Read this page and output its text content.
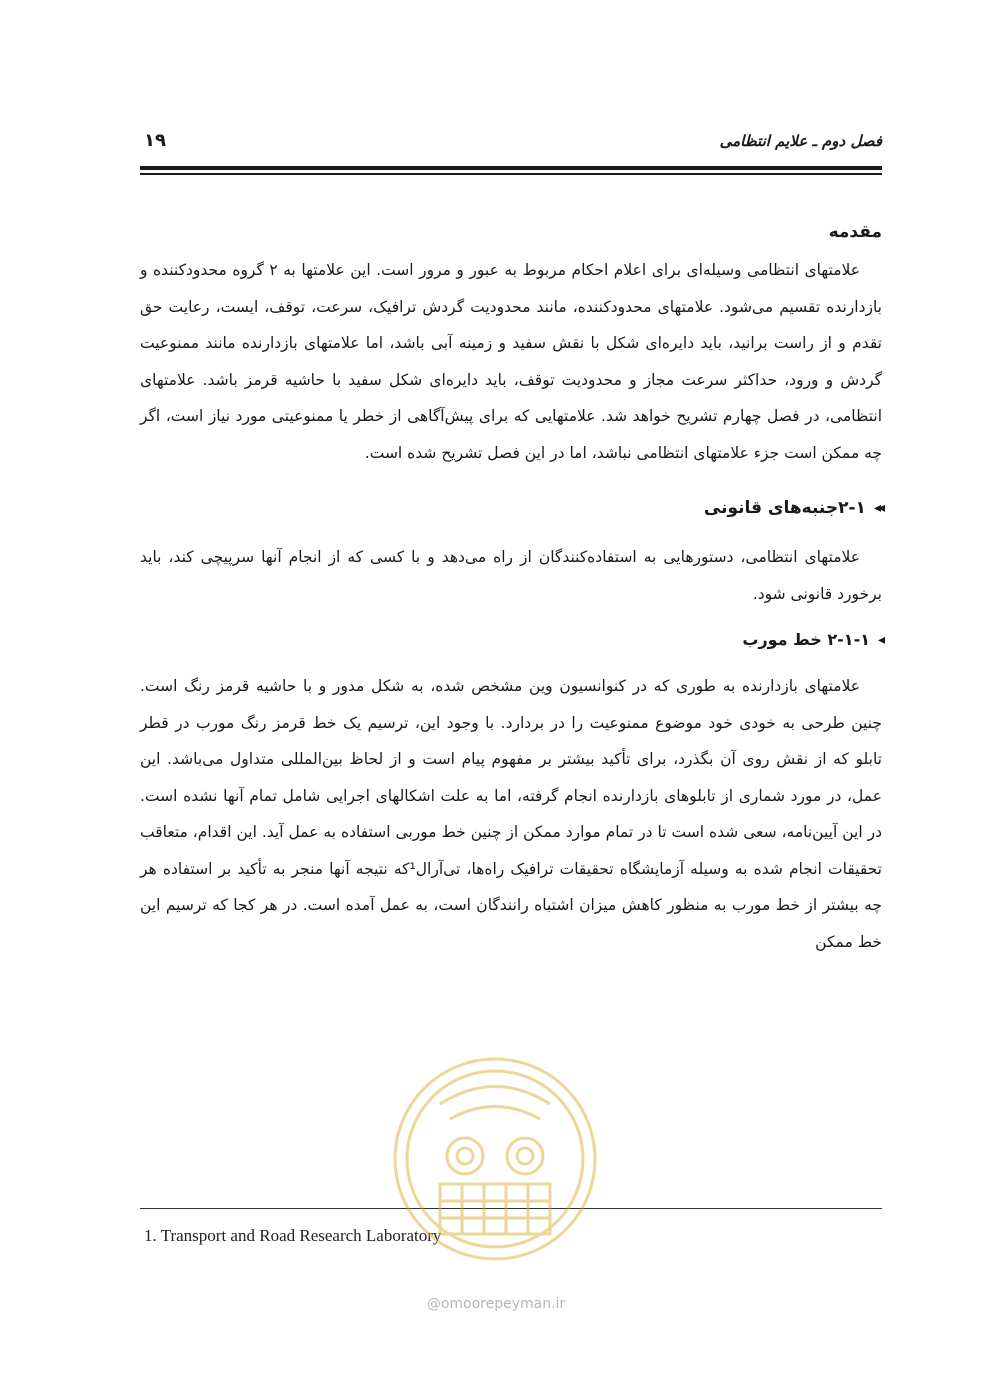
فصل دوم ـ علایم انتظامی
۱۹
مقدمه

علامتهای انتظامی وسیله‌ای برای اعلام احکام مربوط به عبور و مرور است. این علامتها به ۲ گروه محدودکننده و بازدارنده تقسیم می‌شود. علامتهای محدودکننده، مانند محدودیت گردش ترافیک، سرعت، توقف، ایست، رعایت حق تقدم و از راست برانید، باید دایره‌ای شکل با نقش سفید و زمینه آبی باشد، اما علامتهای بازدارنده مانند ممنوعیت گردش و ورود، حداکثر سرعت مجاز و محدودیت توقف، باید دایره‌ای شکل سفید با حاشیه قرمز باشد. علامتهای انتظامی، در فصل چهارم تشریح خواهد شد. علامتهایی که برای پیش‌آگاهی از خطر یا ممنوعیتی مورد نیاز است، اگر چه ممکن است جزء علامتهای انتظامی نباشد، اما در این فصل تشریح شده است.

◂◂
۲-۱جنبه‌های قانونی

علامتهای انتظامی، دستورهایی به استفاده‌کنندگان از راه می‌دهد و با کسی که از انجام آنها سرپیچی کند، باید برخورد قانونی شود.

◂
۲-۱-۱ خط مورب

علامتهای بازدارنده به طوری که در کنوانسیون وین مشخص شده، به شکل مدور و با حاشیه قرمز رنگ است. چنین طرحی به خودی خود موضوع ممنوعیت را در بردارد. با وجود این، ترسیم یک خط قرمز رنگ مورب در قطر تابلو که از نقش روی آن بگذرد، برای تأکید بیشتر بر مفهوم پیام است و از لحاظ بین‌المللی متداول می‌باشد. این عمل، در مورد شماری از تابلوهای بازدارنده انجام گرفته، اما به علت اشکالهای اجرایی شامل تمام آنها نشده است. در این آیین‌نامه، سعی شده است تا در تمام موارد ممکن از چنین خط موربی استفاده به عمل آید. این اقدام، متعاقب تحقیقات انجام شده به وسیله آزمایشگاه تحقیقات ترافیک راه‌ها، تی‌آرال¹که نتیجه آنها منجر به تأکید بر استفاده هر چه بیشتر از خط مورب به منظور کاهش میزان اشتباه رانندگان است، به عمل آمده است. در هر کجا که ترسیم این خط ممکن

1. Transport and Road Research Laboratory
@omoorepeyman.ir
